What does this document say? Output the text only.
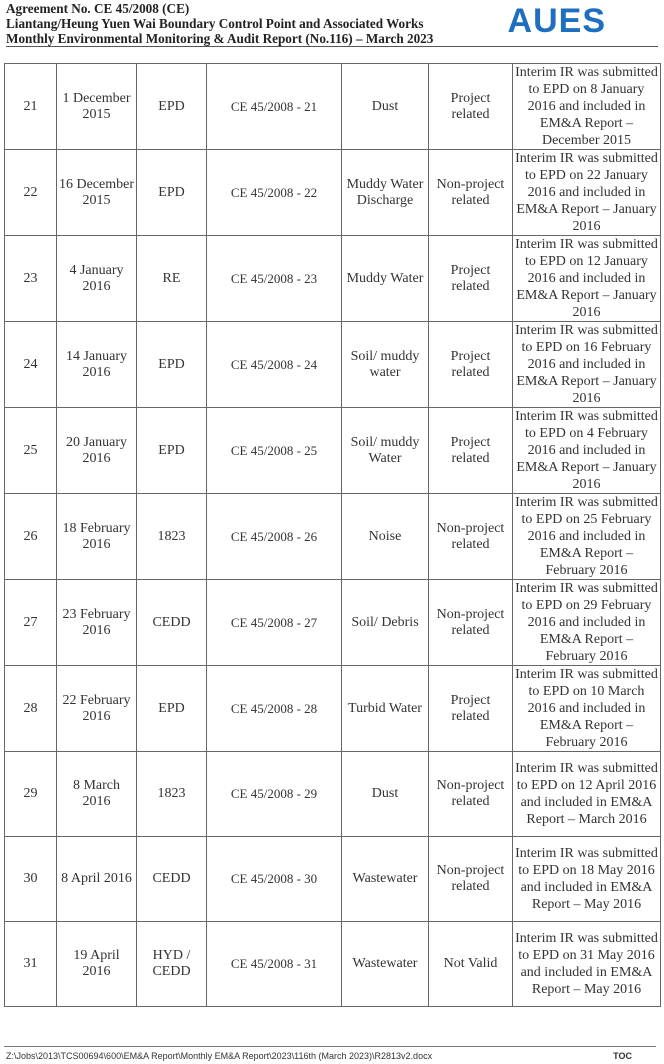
Agreement No. CE 45/2008 (CE)
Liantang/Heung Yuen Wai Boundary Control Point and Associated Works
Monthly Environmental Monitoring & Audit Report (No.116) – March 2023 AUES
21	1 December 2015	EPD	CE 45/2008 - 21	Dust	Project related	Interim IR was submitted to EPD on 8 January 2016 and included in EM&A Report – December 2015
22	16 December 2015	EPD	CE 45/2008 - 22	Muddy Water Discharge	Non-project related	Interim IR was submitted to EPD on 22 January 2016 and included in EM&A Report – January 2016
23	4 January 2016	RE	CE 45/2008 - 23	Muddy Water	Project related	Interim IR was submitted to EPD on 12 January 2016 and included in EM&A Report – January 2016
24	14 January 2016	EPD	CE 45/2008 - 24	Soil/ muddy water	Project related	Interim IR was submitted to EPD on 16 February 2016 and included in EM&A Report – January 2016
25	20 January 2016	EPD	CE 45/2008 - 25	Soil/ muddy Water	Project related	Interim IR was submitted to EPD on 4 February 2016 and included in EM&A Report – January 2016
26	18 February 2016	1823	CE 45/2008 - 26	Noise	Non-project related	Interim IR was submitted to EPD on 25 February 2016 and included in EM&A Report – February 2016
27	23 February 2016	CEDD	CE 45/2008 - 27	Soil/ Debris	Non-project related	Interim IR was submitted to EPD on 29 February 2016 and included in EM&A Report – February 2016
28	22 February 2016	EPD	CE 45/2008 - 28	Turbid Water	Project related	Interim IR was submitted to EPD on 10 March 2016 and included in EM&A Report – February 2016
29	8 March 2016	1823	CE 45/2008 - 29	Dust	Non-project related	Interim IR was submitted to EPD on 12 April 2016 and included in EM&A Report – March 2016
30	8 April 2016	CEDD	CE 45/2008 - 30	Wastewater	Non-project related	Interim IR was submitted to EPD on 18 May 2016 and included in EM&A Report – May 2016
31	19 April 2016	HYD / CEDD	CE 45/2008 - 31	Wastewater	Not Valid	Interim IR was submitted to EPD on 31 May 2016 and included in EM&A Report – May 2016
Z:\Jobs\2013\TCS00694\600\EM&A Report\Monthly EM&A Report\2023\116th (March 2023)\R2813v2.docx	TOC
